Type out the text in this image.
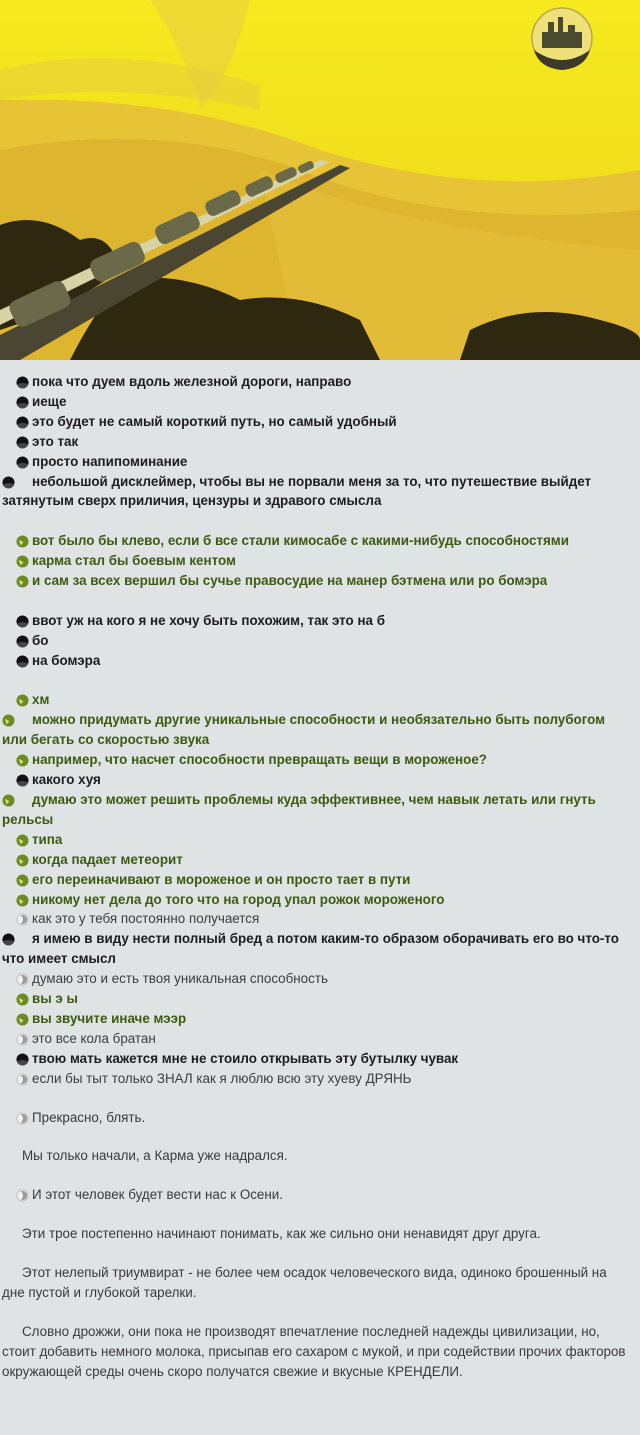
пока что дуем вдоль железной дороги, направо
иеще
это будет не самый короткий путь, но самый удобный
это так
просто напипоминание
небольшой дисклеймер, чтобы вы не порвали меня за то, что путешествие выйдет затянутым сверх приличия, цензуры и здравого смысла
вот было бы клево, если б все стали кимосабе с какими-нибудь способностями
карма стал бы боевым кентом
и сам за всех вершил бы сучье правосудие на манер бэтмена или ро бомэра
ввот уж на кого я не хочу быть похожим, так это на б
бо
на бомэра
хм
можно придумать другие уникальные способности и необязательно быть полубогом или бегать со скоростью звука
например, что насчет способности превращать вещи в мороженое?
какого хуя
думаю это может решить проблемы куда эффективнее, чем навык летать или гнуть рельсы
типа
когда падает метеорит
его переиначивают в мороженое и он просто тает в пути
никому нет дела до того что на город упал рожок мороженого
как это у тебя постоянно получается
я имею в виду нести полный бред а потом каким-то образом оборачивать его во что-то что имеет смысл
думаю это и есть твоя уникальная способность
вы э ы
вы звучите иначе мээр
это все кола братан
твою мать кажется мне не стоило открывать эту бутылку чувак
если бы тыт только ЗНАЛ как я люблю всю эту хуеву ДРЯНЬ
Прекрасно, блять.
Мы только начали, а Карма уже надрался.
И этот человек будет вести нас к Осени.
Эти трое постепенно начинают понимать, как же сильно они ненавидят друг друга.
Этот нелепый триумвират - не более чем осадок человеческого вида, одиноко брошенный на дне пустой и глубокой тарелки.
Словно дрожжи, они пока не производят впечатление последней надежды цивилизации, но, стоит добавить немного молока, присыпав его сахаром с мукой, и при содействии прочих факторов окружающей среды очень скоро получатся свежие и вкусные КРЕНДЕЛИ.
